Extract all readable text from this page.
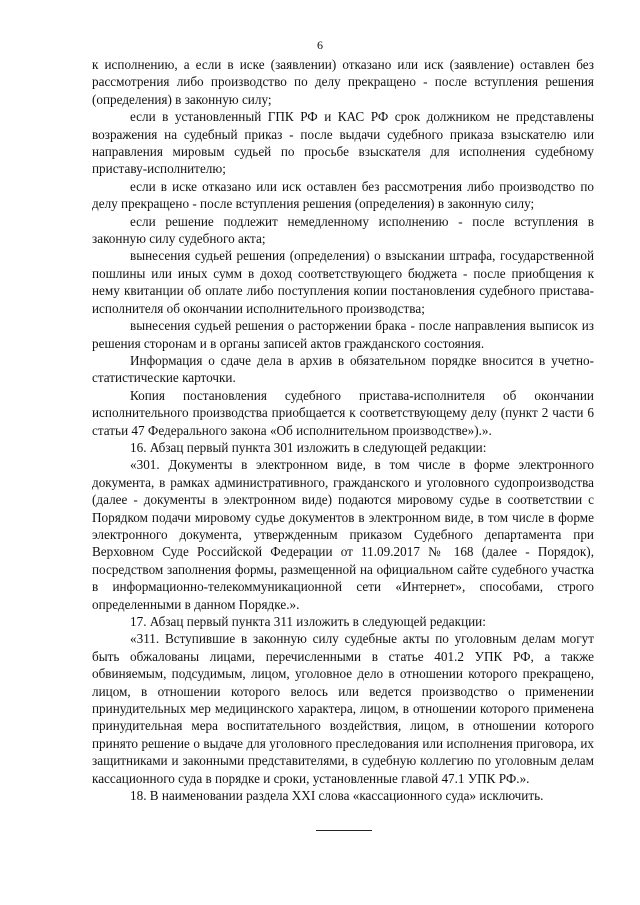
6

к исполнению, а если в иске (заявлении) отказано или иск (заявление) оставлен без рассмотрения либо производство по делу прекращено - после вступления решения (определения) в законную силу;

если в установленный ГПК РФ и КАС РФ срок должником не представлены возражения на судебный приказ - после выдачи судебного приказа взыскателю или направления мировым судьей по просьбе взыскателя для исполнения судебному приставу-исполнителю;

если в иске отказано или иск оставлен без рассмотрения либо производство по делу прекращено - после вступления решения (определения) в законную силу;

если решение подлежит немедленному исполнению - после вступления в законную силу судебного акта;

вынесения судьей решения (определения) о взыскании штрафа, государственной пошлины или иных сумм в доход соответствующего бюджета - после приобщения к нему квитанции об оплате либо поступления копии постановления судебного пристава-исполнителя об окончании исполнительного производства;

вынесения судьей решения о расторжении брака - после направления выписок из решения сторонам и в органы записей актов гражданского состояния.

Информация о сдаче дела в архив в обязательном порядке вносится в учетно-статистические карточки.

Копия постановления судебного пристава-исполнителя об окончании исполнительного производства приобщается к соответствующему делу (пункт 2 части 6 статьи 47 Федерального закона «Об исполнительном производстве»).».

16. Абзац первый пункта 301 изложить в следующей редакции:

«301. Документы в электронном виде, в том числе в форме электронного документа, в рамках административного, гражданского и уголовного судопроизводства (далее - документы в электронном виде) подаются мировому судье в соответствии с Порядком подачи мировому судье документов в электронном виде, в том числе в форме электронного документа, утвержденным приказом Судебного департамента при Верховном Суде Российской Федерации от 11.09.2017 № 168 (далее - Порядок), посредством заполнения формы, размещенной на официальном сайте судебного участка в информационно-телекоммуникационной сети «Интернет», способами, строго определенными в данном Порядке.».

17. Абзац первый пункта 311 изложить в следующей редакции:

«311. Вступившие в законную силу судебные акты по уголовным делам могут быть обжалованы лицами, перечисленными в статье 401.2 УПК РФ, а также обвиняемым, подсудимым, лицом, уголовное дело в отношении которого прекращено, лицом, в отношении которого велось или ведется производство о применении принудительных мер медицинского характера, лицом, в отношении которого применена принудительная мера воспитательного воздействия, лицом, в отношении которого принято решение о выдаче для уголовного преследования или исполнения приговора, их защитниками и законными представителями, в судебную коллегию по уголовным делам кассационного суда в порядке и сроки, установленные главой 47.1 УПК РФ.».

18. В наименовании раздела XXI слова «кассационного суда» исключить.
